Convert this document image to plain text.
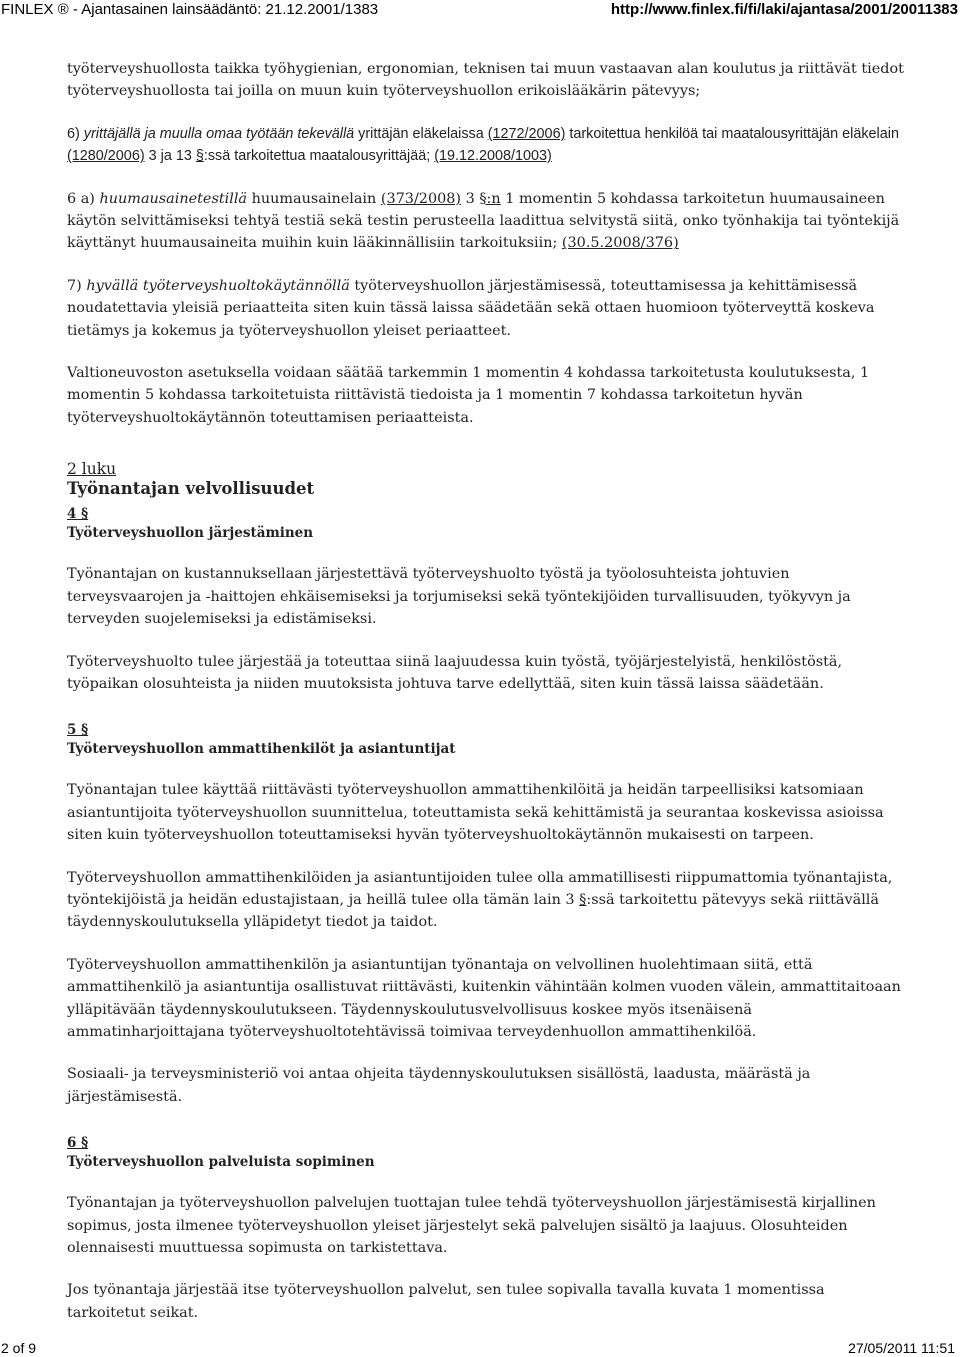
FINLEX ® - Ajantasainen lainsäädäntö: 21.12.2001/1383	http://www.finlex.fi/fi/laki/ajantasa/2001/20011383

työterveyshuollosta taikka työhygienian, ergonomian, teknisen tai muun vastaavan alan koulutus ja riittävät tiedot työterveyshuollosta tai joilla on muun kuin työterveyshuollon erikoislääkärin pätevyys;

6) yrittäjällä ja muulla omaa työtään tekevällä yrittäjän eläkelaissa (1272/2006) tarkoitettua henkilöä tai maatalousyrittäjän eläkelain (1280/2006) 3 ja 13 §:ssä tarkoitettua maatalousyrittäjää; (19.12.2008/1003)

6 a) huumausainetestillä huumausainelain (373/2008) 3 §:n 1 momentin 5 kohdassa tarkoitetun huumausaineen käytön selvittämiseksi tehtyä testiä sekä testin perusteella laadittua selvitystä siitä, onko työnhakija tai työntekijä käyttänyt huumausaineita muihin kuin lääkinnällisiin tarkoituksiin; (30.5.2008/376)

7) hyvällä työterveyshuoltokäytännöllä työterveyshuollon järjestämisessä, toteuttamisessa ja kehittämisessä noudatettavia yleisiä periaatteita siten kuin tässä laissa säädetään sekä ottaen huomioon työterveyttä koskeva tietämys ja kokemus ja työterveyshuollon yleiset periaatteet.

Valtioneuvoston asetuksella voidaan säätää tarkemmin 1 momentin 4 kohdassa tarkoitetusta koulutuksesta, 1 momentin 5 kohdassa tarkoitetuista riittävistä tiedoista ja 1 momentin 7 kohdassa tarkoitetun hyvän työterveyshuoltokäytännön toteuttamisen periaatteista.

2 luku
Työnantajan velvollisuudet
4 §
Työterveyshuollon järjestäminen

Työnantajan on kustannuksellaan järjestettävä työterveyshuolto työstä ja työolosuhteista johtuvien terveysvaarojen ja -haittojen ehkäisemiseksi ja torjumiseksi sekä työntekijöiden turvallisuuden, työkyvyn ja terveyden suojelemiseksi ja edistämiseksi.

Työterveyshuolto tulee järjestää ja toteuttaa siinä laajuudessa kuin työstä, työjärjestelyistä, henkilöstöstä, työpaikan olosuhteista ja niiden muutoksista johtuva tarve edellyttää, siten kuin tässä laissa säädetään.

5 §
Työterveyshuollon ammattihenkilöt ja asiantuntijat

Työnantajan tulee käyttää riittävästi työterveyshuollon ammattihenkilöitä ja heidän tarpeellisiksi katsomiaan asiantuntijoita työterveyshuollon suunnittelua, toteuttamista sekä kehittämistä ja seurantaa koskevissa asioissa siten kuin työterveyshuollon toteuttamiseksi hyvän työterveyshuoltokäytännön mukaisesti on tarpeen.

Työterveyshuollon ammattihenkilöiden ja asiantuntijoiden tulee olla ammatillisesti riippumattomia työnantajista, työntekijöistä ja heidän edustajistaan, ja heillä tulee olla tämän lain 3 §:ssä tarkoitettu pätevyys sekä riittävällä täydennyskoulutuksella ylläpidetyt tiedot ja taidot.

Työterveyshuollon ammattihenkilön ja asiantuntijan työnantaja on velvollinen huolehtimaan siitä, että ammattihenkilö ja asiantuntija osallistuvat riittävästi, kuitenkin vähintään kolmen vuoden välein, ammattitaitoaan ylläpitävään täydennyskoulutukseen. Täydennyskoulutusvelvollisuus koskee myös itsenäisenä ammatinharjoittajana työterveyshuoltotehtävissä toimivaa terveydenhuollon ammattihenkilöä.

Sosiaali- ja terveysministeriö voi antaa ohjeita täydennyskoulutuksen sisällöstä, laadusta, määrästä ja järjestämisestä.

6 §
Työterveyshuollon palveluista sopiminen

Työnantajan ja työterveyshuollon palvelujen tuottajan tulee tehdä työterveyshuollon järjestämisestä kirjallinen sopimus, josta ilmenee työterveyshuollon yleiset järjestelyt sekä palvelujen sisältö ja laajuus. Olosuhteiden olennaisesti muuttuessa sopimusta on tarkistettava.

Jos työnantaja järjestää itse työterveyshuollon palvelut, sen tulee sopivalla tavalla kuvata 1 momentissa tarkoitetut seikat.

2 of 9	27/05/2011 11:51
